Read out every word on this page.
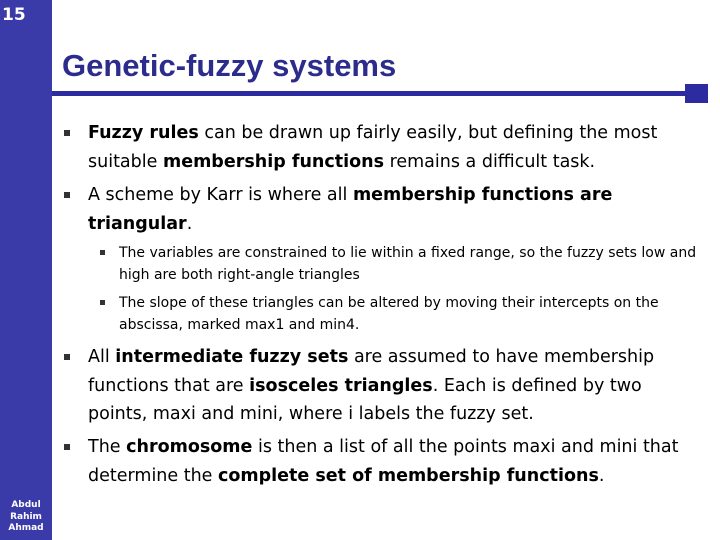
15
Abdul
Rahim
Ahmad
Genetic-fuzzy systems
Fuzzy rules can be drawn up fairly easily, but defining the most suitable membership functions remains a difficult task.
A scheme by Karr is where all membership functions are triangular.
The variables are constrained to lie within a fixed range, so the fuzzy sets low and high are both right-angle triangles
The slope of these triangles can be altered by moving their intercepts on the abscissa, marked max1 and min4.
All intermediate fuzzy sets are assumed to have membership functions that are isosceles triangles. Each is defined by two points, maxi and mini, where i labels the fuzzy set.
The chromosome is then a list of all the points maxi and mini that determine the complete set of membership functions.
